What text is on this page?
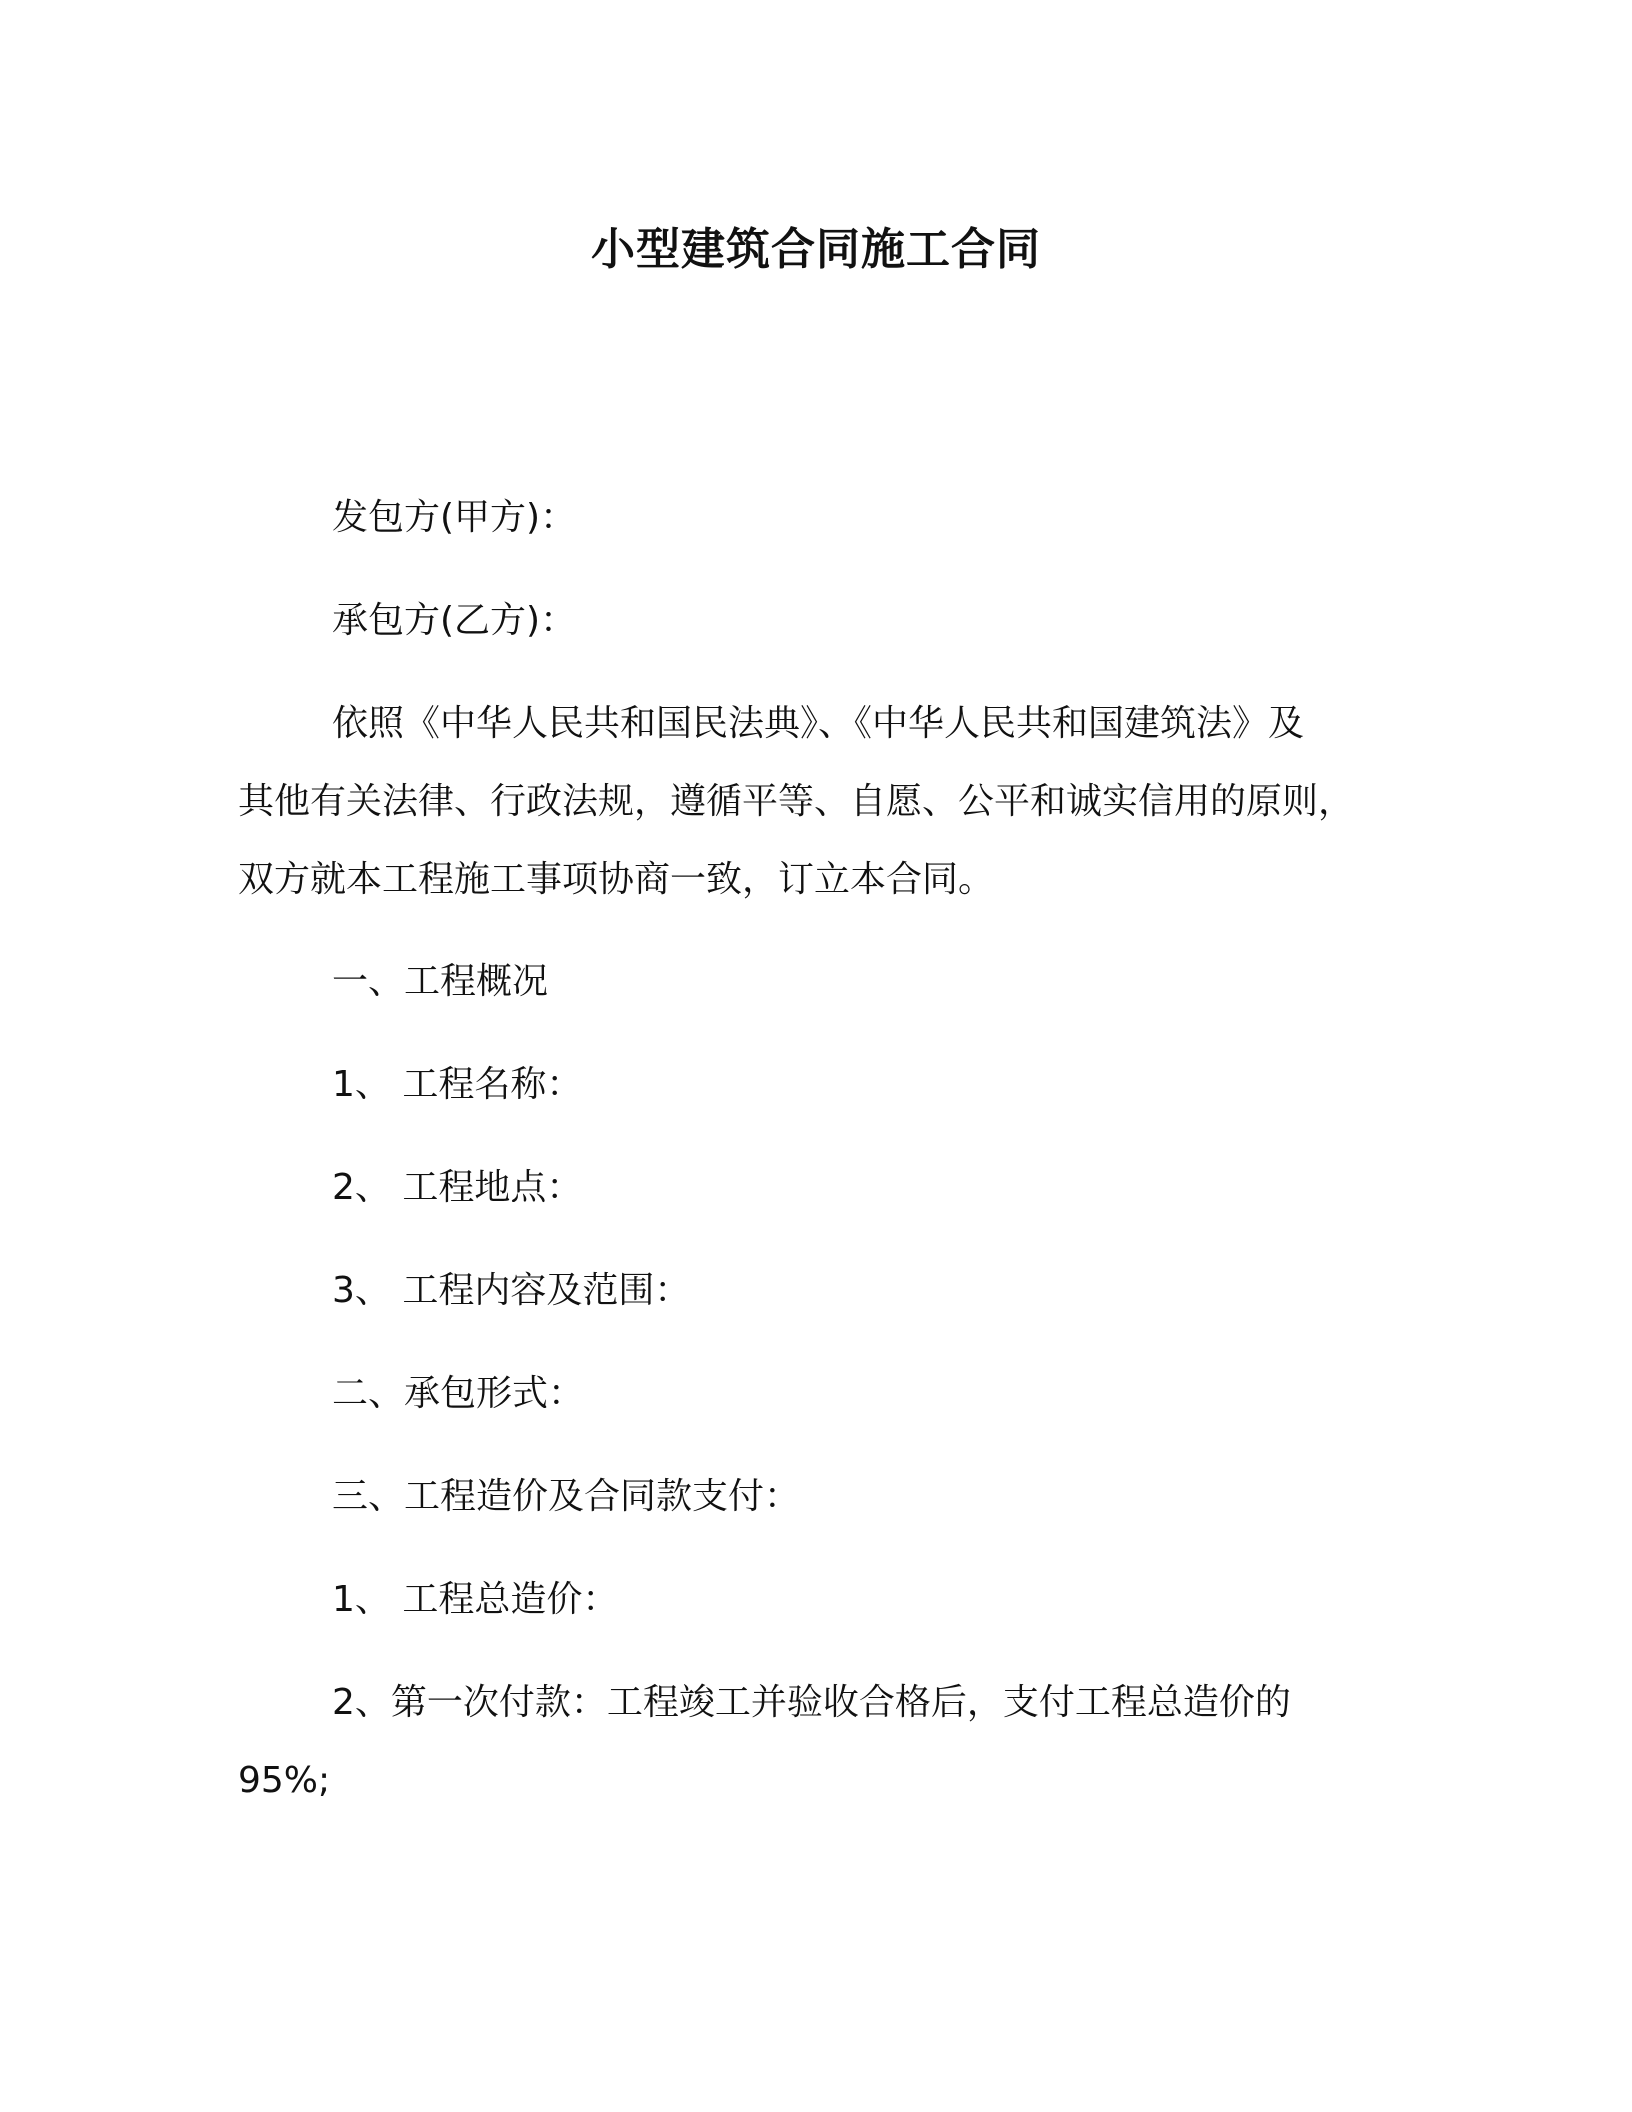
小型建筑合同施工合同
发包方(甲方)：
承包方(乙方)：
依照《中华人民共和国民法典》、《中华人民共和国建筑法》及
其他有关法律、行政法规，遵循平等、自愿、公平和诚实信用的原则，
双方就本工程施工事项协商一致，订立本合同。
一、工程概况
1、 工程名称：
2、 工程地点：
3、 工程内容及范围：
二、承包形式：
三、工程造价及合同款支付：
1、 工程总造价：
2、第一次付款：工程竣工并验收合格后，支付工程总造价的
95%;
